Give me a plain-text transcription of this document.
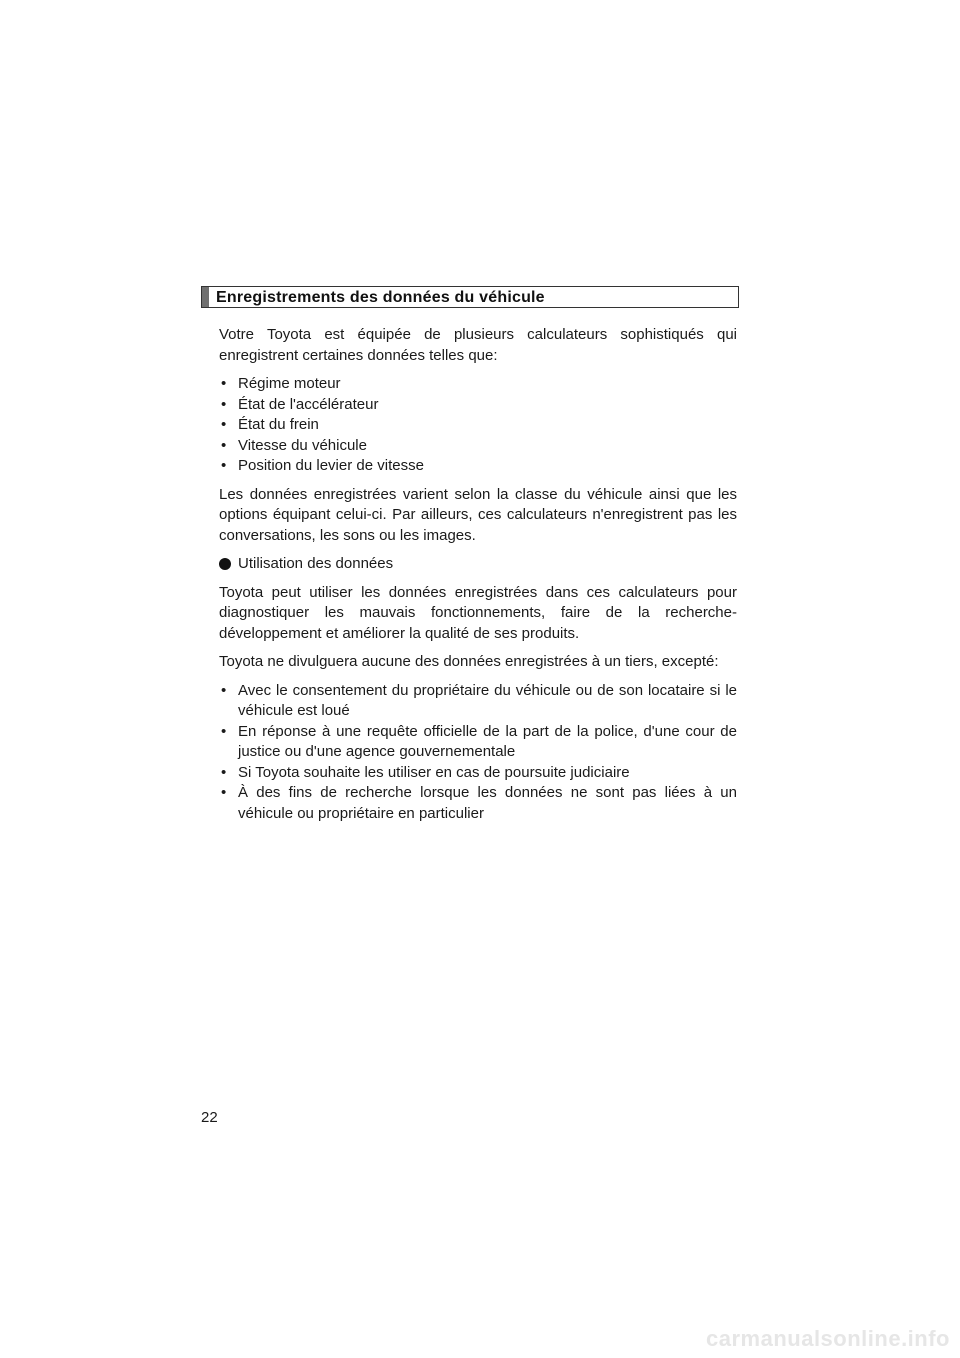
Enregistrements des données du véhicule

Votre Toyota est équipée de plusieurs calculateurs sophistiqués qui enregistrent certaines données telles que:

• Régime moteur
• État de l'accélérateur
• État du frein
• Vitesse du véhicule
• Position du levier de vitesse

Les données enregistrées varient selon la classe du véhicule ainsi que les options équipant celui-ci. Par ailleurs, ces calculateurs n'enregistrent pas les conversations, les sons ou les images.

Utilisation des données

Toyota peut utiliser les données enregistrées dans ces calculateurs pour diagnostiquer les mauvais fonctionnements, faire de la recherche-développement et améliorer la qualité de ses produits.

Toyota ne divulguera aucune des données enregistrées à un tiers, excepté:

• Avec le consentement du propriétaire du véhicule ou de son locataire si le véhicule est loué
• En réponse à une requête officielle de la part de la police, d'une cour de justice ou d'une agence gouvernementale
• Si Toyota souhaite les utiliser en cas de poursuite judiciaire
• À des fins de recherche lorsque les données ne sont pas liées à un véhicule ou propriétaire en particulier
22
carmanualsonline.info
